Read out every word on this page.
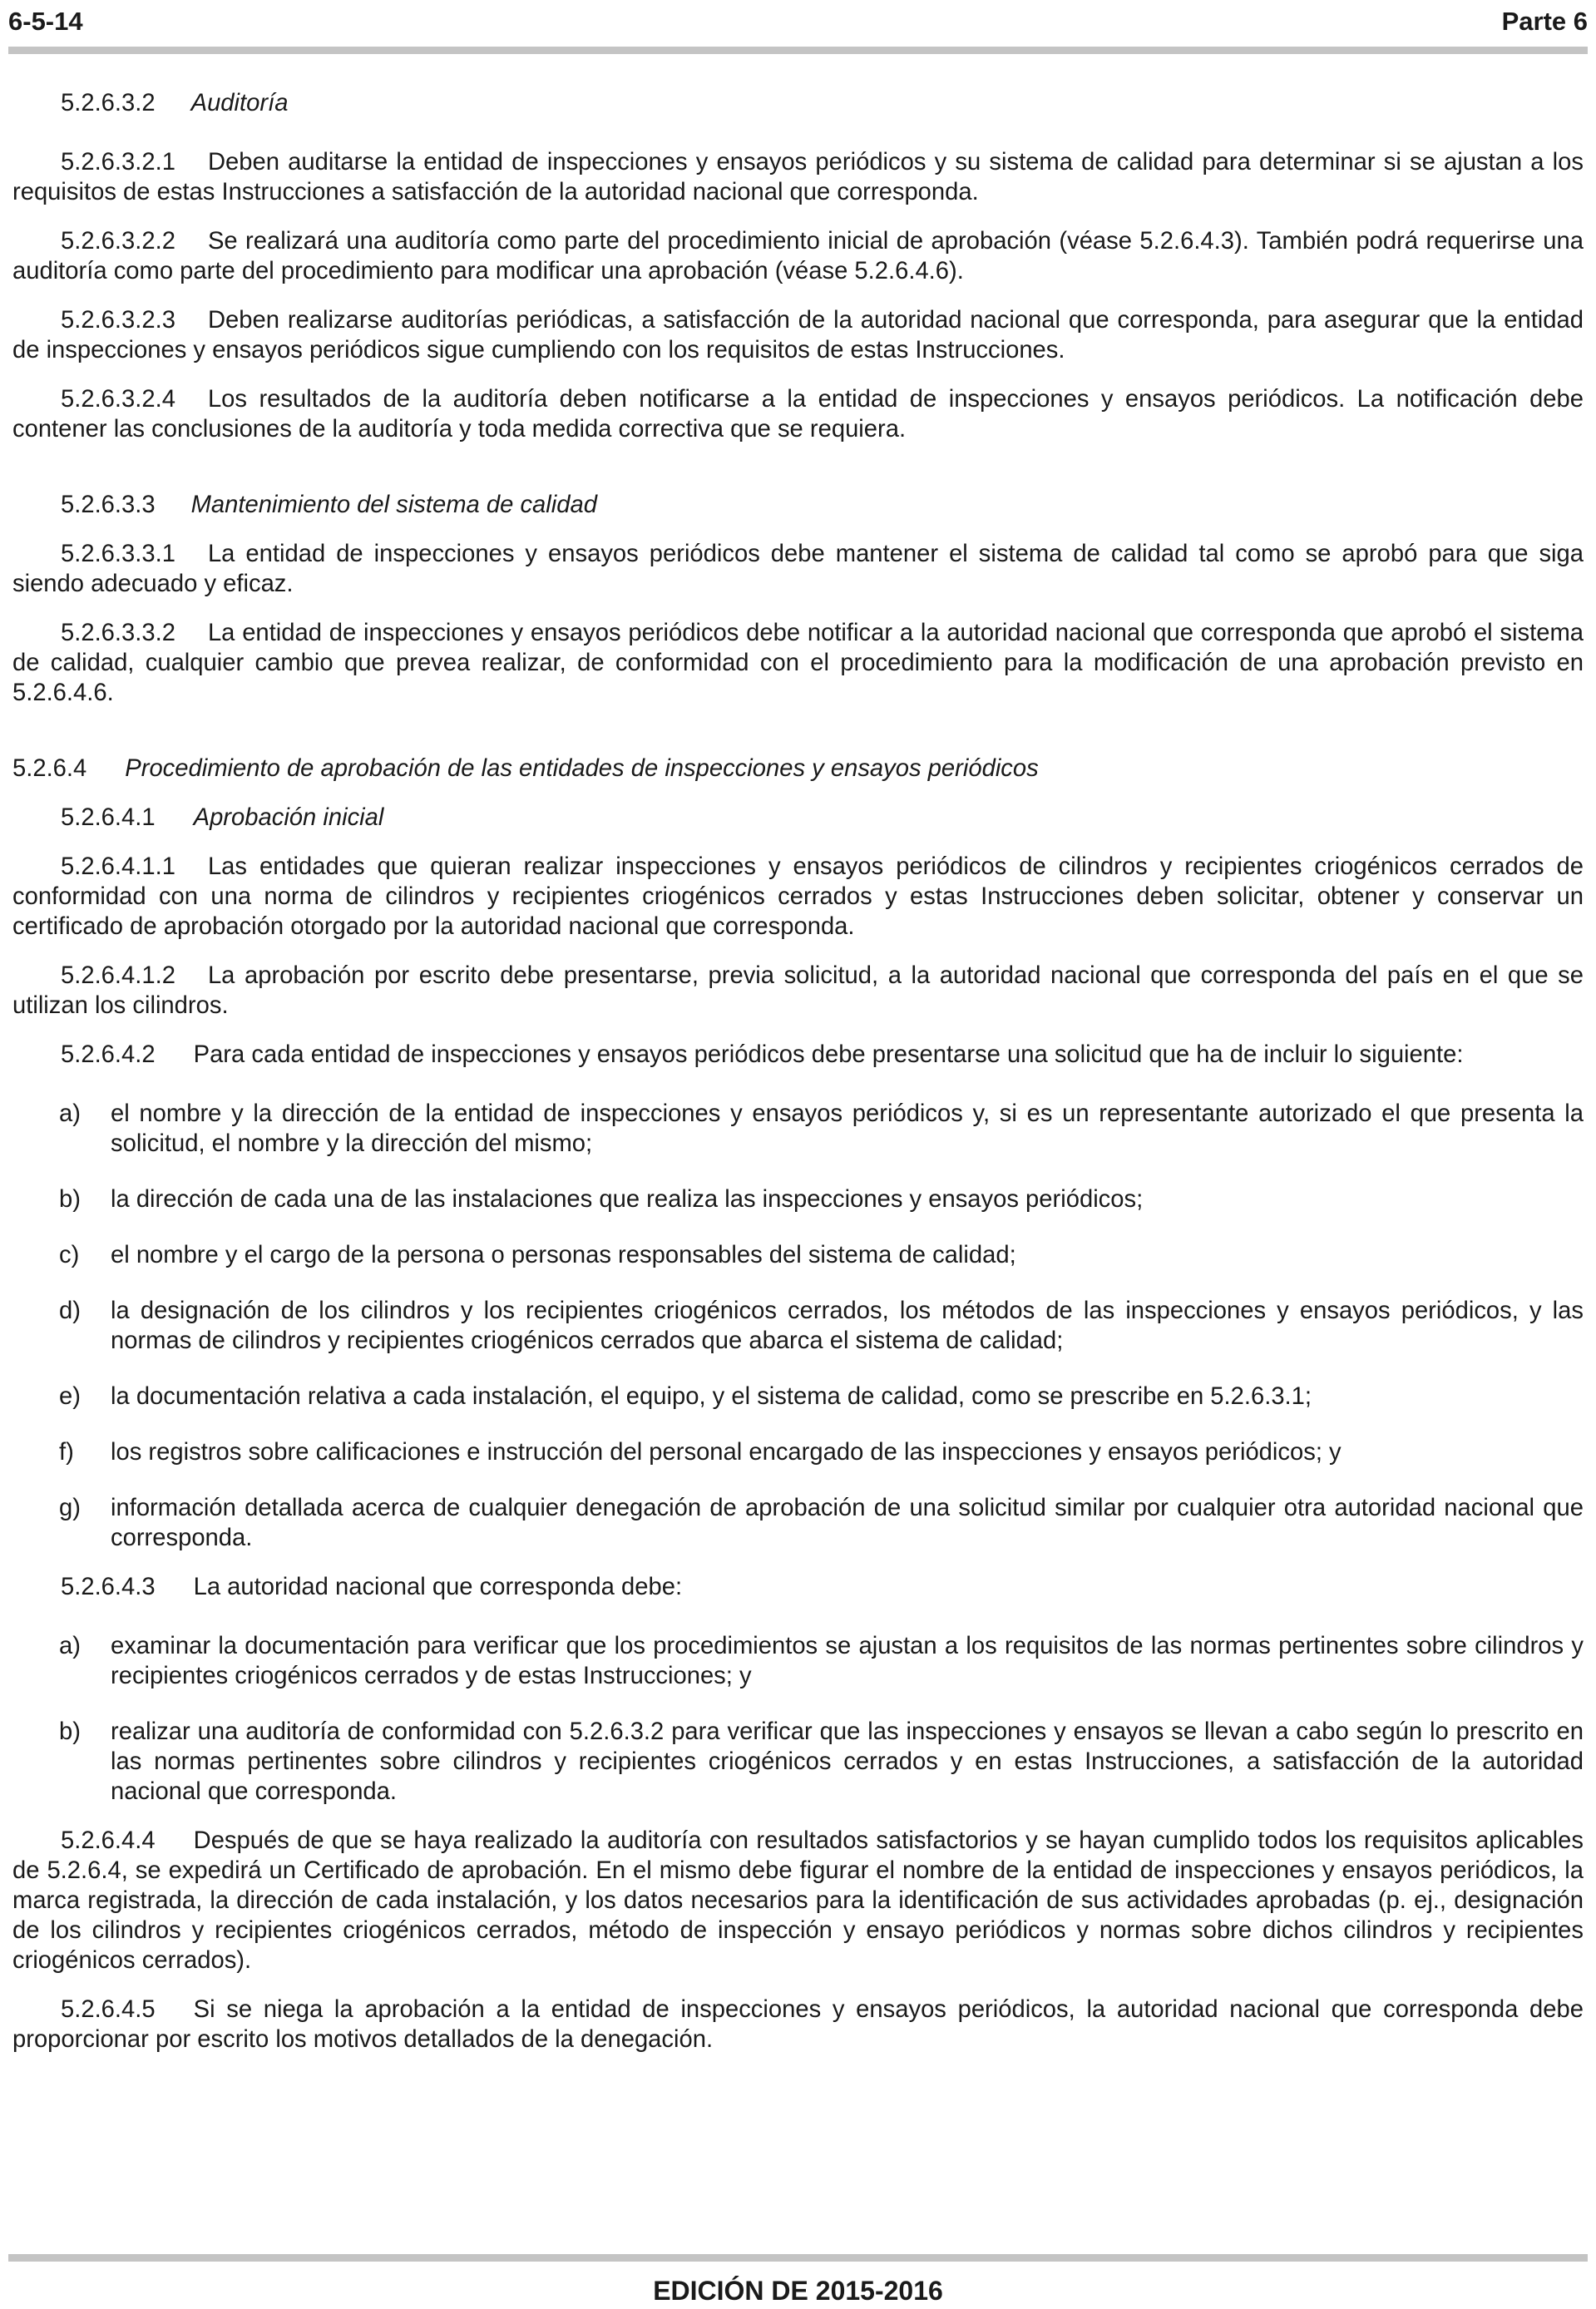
6-5-14	Parte 6

5.2.6.3.2 Auditoría

5.2.6.3.2.1 Deben auditarse la entidad de inspecciones y ensayos periódicos y su sistema de calidad para determinar si se ajustan a los requisitos de estas Instrucciones a satisfacción de la autoridad nacional que corresponda.

5.2.6.3.2.2 Se realizará una auditoría como parte del procedimiento inicial de aprobación (véase 5.2.6.4.3). También podrá requerirse una auditoría como parte del procedimiento para modificar una aprobación (véase 5.2.6.4.6).

5.2.6.3.2.3 Deben realizarse auditorías periódicas, a satisfacción de la autoridad nacional que corresponda, para asegurar que la entidad de inspecciones y ensayos periódicos sigue cumpliendo con los requisitos de estas Instrucciones.

5.2.6.3.2.4 Los resultados de la auditoría deben notificarse a la entidad de inspecciones y ensayos periódicos. La notificación debe contener las conclusiones de la auditoría y toda medida correctiva que se requiera.

5.2.6.3.3 Mantenimiento del sistema de calidad

5.2.6.3.3.1 La entidad de inspecciones y ensayos periódicos debe mantener el sistema de calidad tal como se aprobó para que siga siendo adecuado y eficaz.

5.2.6.3.3.2 La entidad de inspecciones y ensayos periódicos debe notificar a la autoridad nacional que corresponda que aprobó el sistema de calidad, cualquier cambio que prevea realizar, de conformidad con el procedimiento para la modificación de una aprobación previsto en 5.2.6.4.6.

5.2.6.4 Procedimiento de aprobación de las entidades de inspecciones y ensayos periódicos

5.2.6.4.1 Aprobación inicial

5.2.6.4.1.1 Las entidades que quieran realizar inspecciones y ensayos periódicos de cilindros y recipientes criogénicos cerrados de conformidad con una norma de cilindros y recipientes criogénicos cerrados y estas Instrucciones deben solicitar, obtener y conservar un certificado de aprobación otorgado por la autoridad nacional que corresponda.

5.2.6.4.1.2 La aprobación por escrito debe presentarse, previa solicitud, a la autoridad nacional que corresponda del país en el que se utilizan los cilindros.

5.2.6.4.2 Para cada entidad de inspecciones y ensayos periódicos debe presentarse una solicitud que ha de incluir lo siguiente:

a) el nombre y la dirección de la entidad de inspecciones y ensayos periódicos y, si es un representante autorizado el que presenta la solicitud, el nombre y la dirección del mismo;

b) la dirección de cada una de las instalaciones que realiza las inspecciones y ensayos periódicos;

c) el nombre y el cargo de la persona o personas responsables del sistema de calidad;

d) la designación de los cilindros y los recipientes criogénicos cerrados, los métodos de las inspecciones y ensayos periódicos, y las normas de cilindros y recipientes criogénicos cerrados que abarca el sistema de calidad;

e) la documentación relativa a cada instalación, el equipo, y el sistema de calidad, como se prescribe en 5.2.6.3.1;

f) los registros sobre calificaciones e instrucción del personal encargado de las inspecciones y ensayos periódicos; y

g) información detallada acerca de cualquier denegación de aprobación de una solicitud similar por cualquier otra autoridad nacional que corresponda.

5.2.6.4.3 La autoridad nacional que corresponda debe:

a) examinar la documentación para verificar que los procedimientos se ajustan a los requisitos de las normas pertinentes sobre cilindros y recipientes criogénicos cerrados y de estas Instrucciones; y

b) realizar una auditoría de conformidad con 5.2.6.3.2 para verificar que las inspecciones y ensayos se llevan a cabo según lo prescrito en las normas pertinentes sobre cilindros y recipientes criogénicos cerrados y en estas Instrucciones, a satisfacción de la autoridad nacional que corresponda.

5.2.6.4.4 Después de que se haya realizado la auditoría con resultados satisfactorios y se hayan cumplido todos los requisitos aplicables de 5.2.6.4, se expedirá un Certificado de aprobación. En el mismo debe figurar el nombre de la entidad de inspecciones y ensayos periódicos, la marca registrada, la dirección de cada instalación, y los datos necesarios para la identificación de sus actividades aprobadas (p. ej., designación de los cilindros y recipientes criogénicos cerrados, método de inspección y ensayo periódicos y normas sobre dichos cilindros y recipientes criogénicos cerrados).

5.2.6.4.5 Si se niega la aprobación a la entidad de inspecciones y ensayos periódicos, la autoridad nacional que corresponda debe proporcionar por escrito los motivos detallados de la denegación.

EDICIÓN DE 2015-2016
